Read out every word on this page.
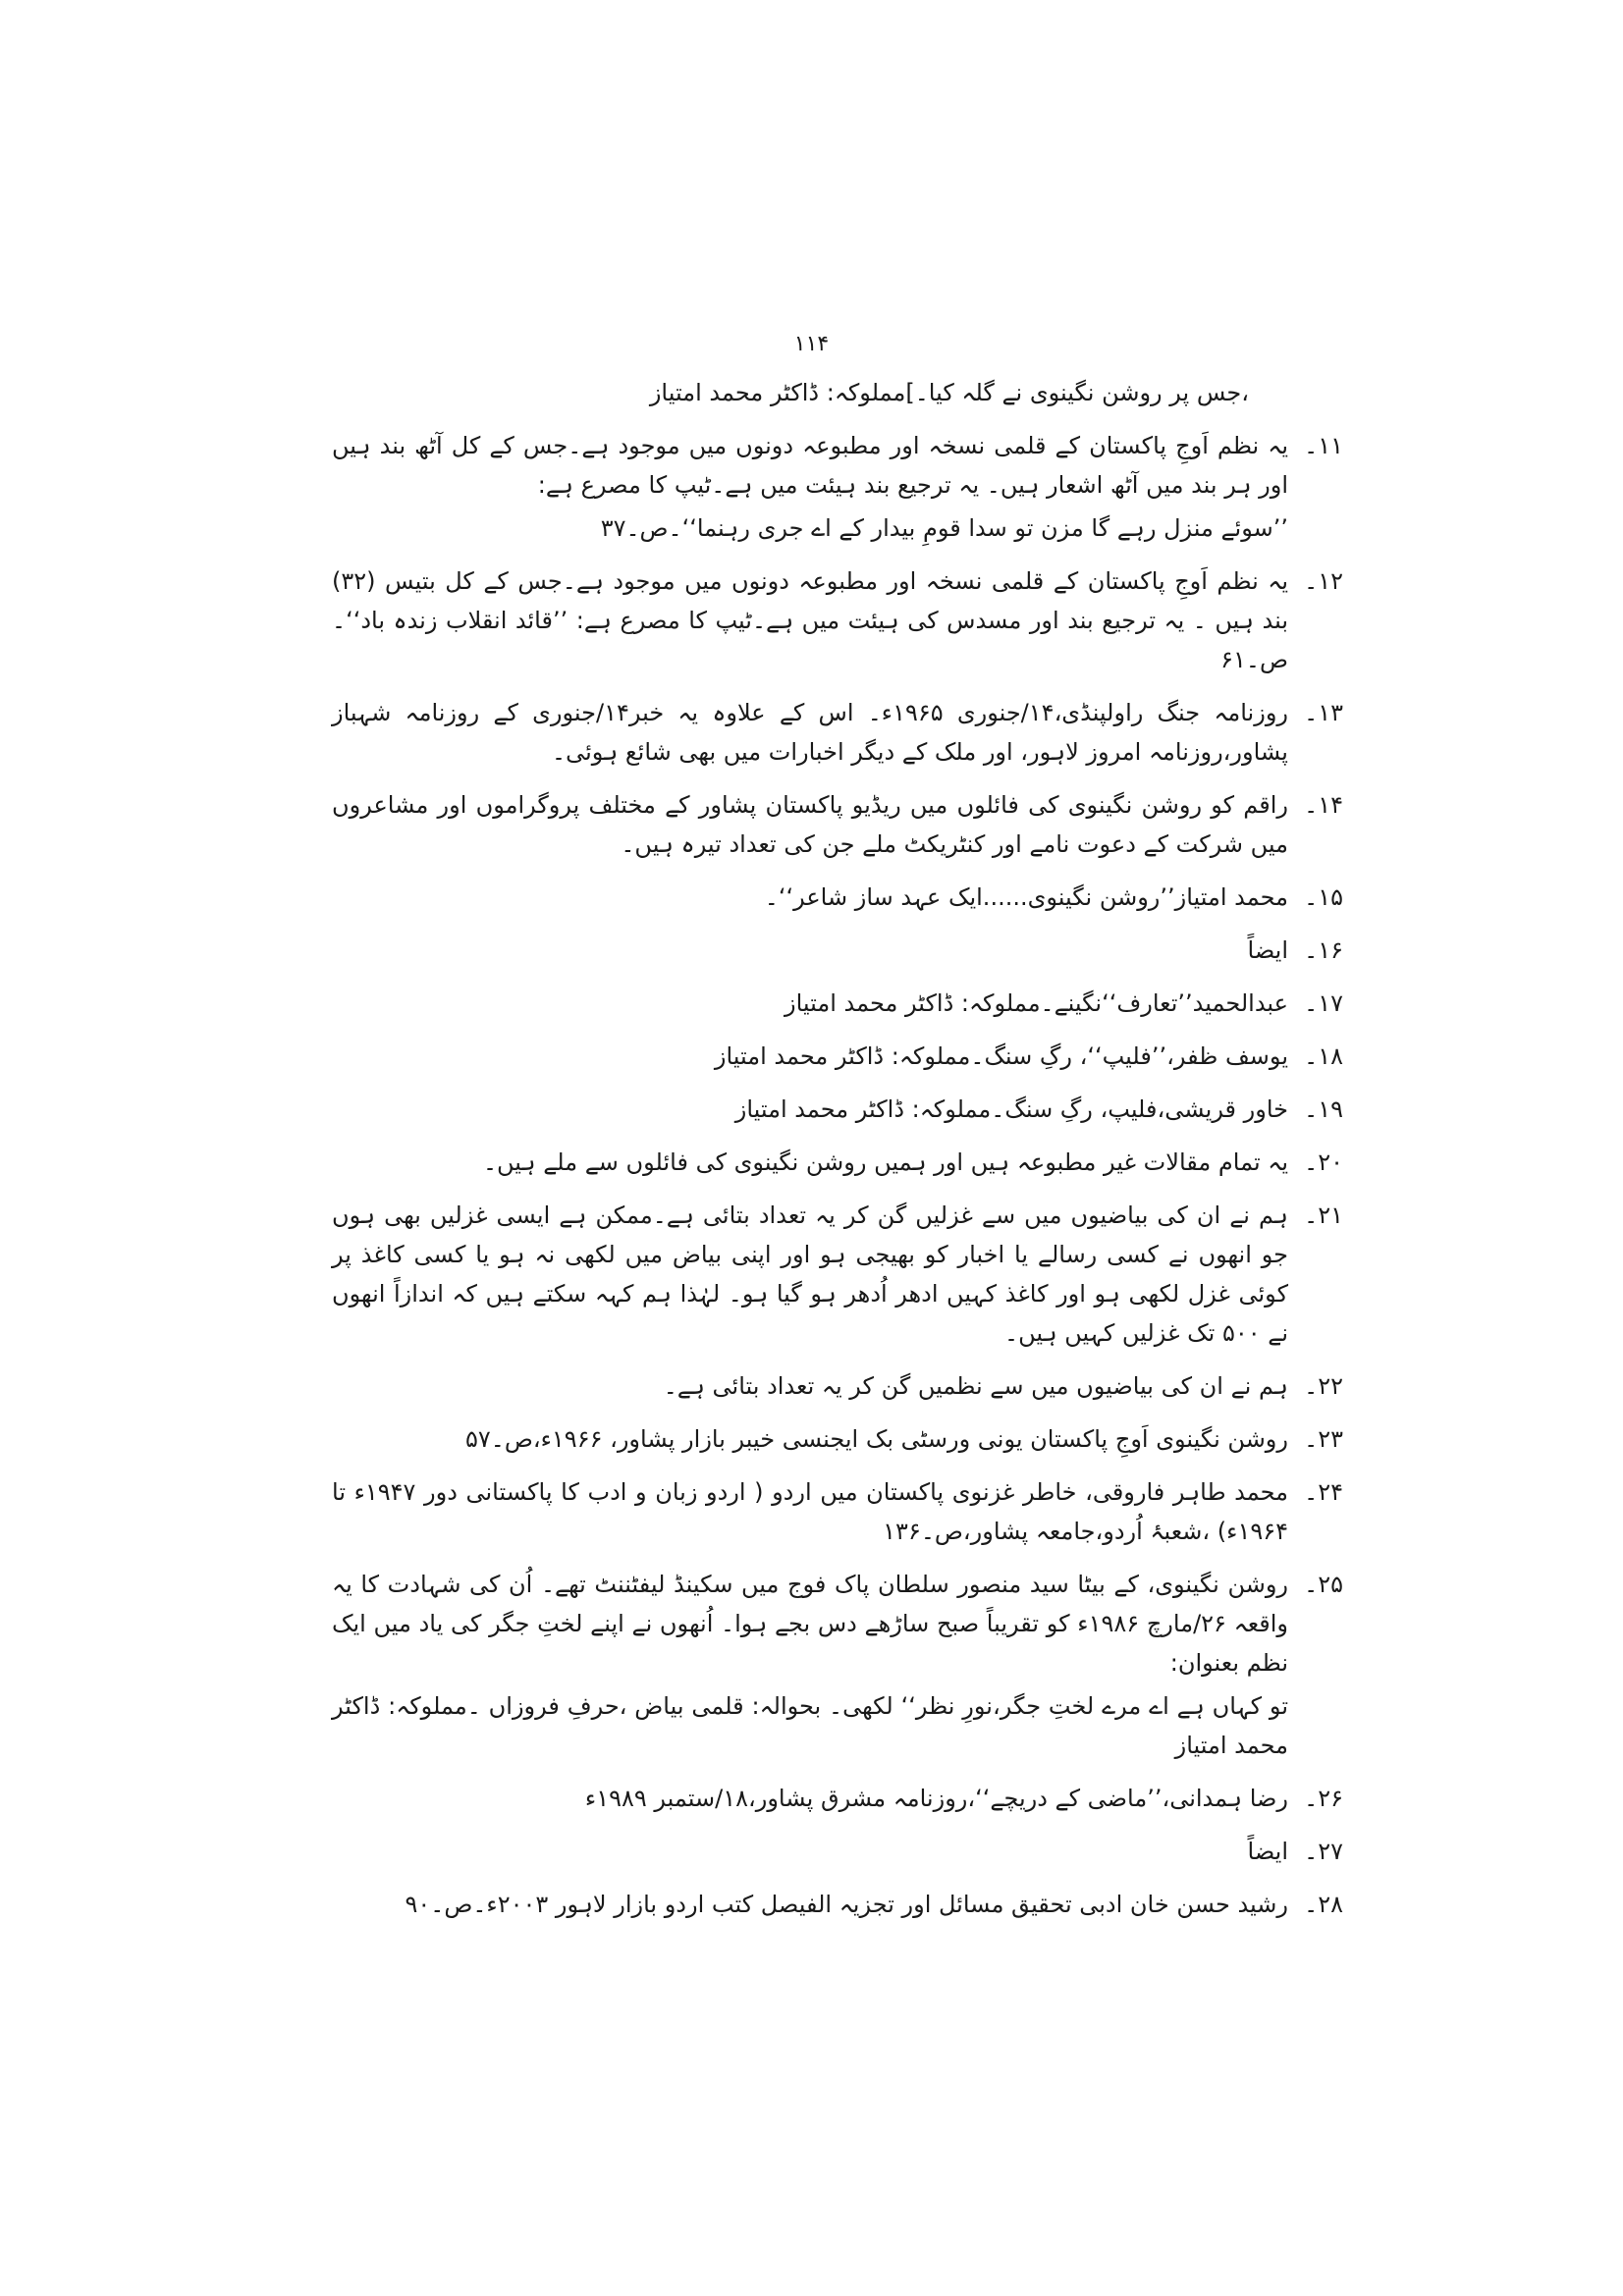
۱۱۴
،جس پر روشن نگینوی نے گلہ کیا۔]مملوکہ: ڈاکٹر محمد امتیاز
۱۱۔
یہ نظم اَوجِ پاکستان کے قلمی نسخہ اور مطبوعہ دونوں میں موجود ہے۔جس کے کل آٹھ بند ہیں اور ہر بند میں آٹھ اشعار ہیں۔ یہ ترجیع بند ہیئت میں ہے۔ٹیپ کا مصرع ہے:
’’سوئے منزل رہے گا مزن تو سدا قومِ بیدار کے اے جری رہنما‘‘۔ص۔۳۷
۱۲۔
یہ نظم اَوجِ پاکستان کے قلمی نسخہ اور مطبوعہ دونوں میں موجود ہے۔جس کے کل بتیس (۳۲) بند ہیں ۔ یہ ترجیع بند اور مسدس کی ہیئت میں ہے۔ٹیپ کا مصرع ہے: ’’قائد انقلاب زندہ باد‘‘۔ص۔۶۱
۱۳۔
روزنامہ جنگ راولپنڈی،۱۴/جنوری ۱۹۶۵ء۔ اس کے علاوہ یہ خبر۱۴/جنوری کے روزنامہ شہباز پشاور،روزنامہ امروز لاہور، اور ملک کے دیگر اخبارات میں بھی شائع ہوئی۔
۱۴۔
راقم کو روشن نگینوی کی فائلوں میں ریڈیو پاکستان پشاور کے مختلف پروگراموں اور مشاعروں میں شرکت کے دعوت نامے اور کنٹریکٹ ملے جن کی تعداد تیرہ ہیں۔
۱۵۔
محمد امتیاز’’روشن نگینوی......ایک عہد ساز شاعر‘‘۔
۱۶۔
ایضاً
۱۷۔
عبدالحمید’’تعارف‘‘نگینے۔مملوکہ: ڈاکٹر محمد امتیاز
۱۸۔
یوسف ظفر،’’فلیپ‘‘، رگِ سنگ۔مملوکہ: ڈاکٹر محمد امتیاز
۱۹۔
خاور قریشی،فلیپ، رگِ سنگ۔مملوکہ: ڈاکٹر محمد امتیاز
۲۰۔
یہ تمام مقالات غیر مطبوعہ ہیں اور ہمیں روشن نگینوی کی فائلوں سے ملے ہیں۔
۲۱۔
ہم نے ان کی بیاضیوں میں سے غزلیں گن کر یہ تعداد بتائی ہے۔ممکن ہے ایسی غزلیں بھی ہوں جو انھوں نے کسی رسالے یا اخبار کو بھیجی ہو اور اپنی بیاض میں لکھی نہ ہو یا کسی کاغذ پر کوئی غزل لکھی ہو اور کاغذ کہیں ادھر اُدھر ہو گیا ہو۔ لہٰذا ہم کہہ سکتے ہیں کہ اندازاً انھوں نے ۵۰۰ تک غزلیں کہیں ہیں۔
۲۲۔
ہم نے ان کی بیاضیوں میں سے نظمیں گن کر یہ تعداد بتائی ہے۔
۲۳۔
روشن نگینوی اَوجِ پاکستان یونی ورسٹی بک ایجنسی خیبر بازار پشاور، ۱۹۶۶ء،ص۔۵۷
۲۴۔
محمد طاہر فاروقی، خاطر غزنوی پاکستان میں اردو ( اردو زبان و ادب کا پاکستانی دور ۱۹۴۷ء تا ۱۹۶۴ء) ،شعبۂ اُردو،جامعہ پشاور،ص۔۱۳۶
۲۵۔
روشن نگینوی، کے بیٹا سید منصور سلطان پاک فوج میں سکینڈ لیفٹننٹ تھے۔ اُن کی شہادت کا یہ واقعہ ۲۶/مارچ ۱۹۸۶ء کو تقریباً صبح ساڑھے دس بجے ہوا۔ اُنھوں نے اپنے لختِ جگر کی یاد میں ایک نظم بعنوان:
تو کہاں ہے اے مرے لختِ جگر،نورِ نظر‘‘ لکھی۔ بحوالہ: قلمی بیاض ،حرفِ فروزاں ۔مملوکہ: ڈاکٹر محمد امتیاز
۲۶۔
رضا ہمدانی،’’ماضی کے دریچے‘‘،روزنامہ مشرق پشاور،۱۸/ستمبر ۱۹۸۹ء
۲۷۔
ایضاً
۲۸۔
رشید حسن خان ادبی تحقیق مسائل اور تجزیہ الفیصل کتب اردو بازار لاہور ۲۰۰۳ء۔ص۔۹۰
